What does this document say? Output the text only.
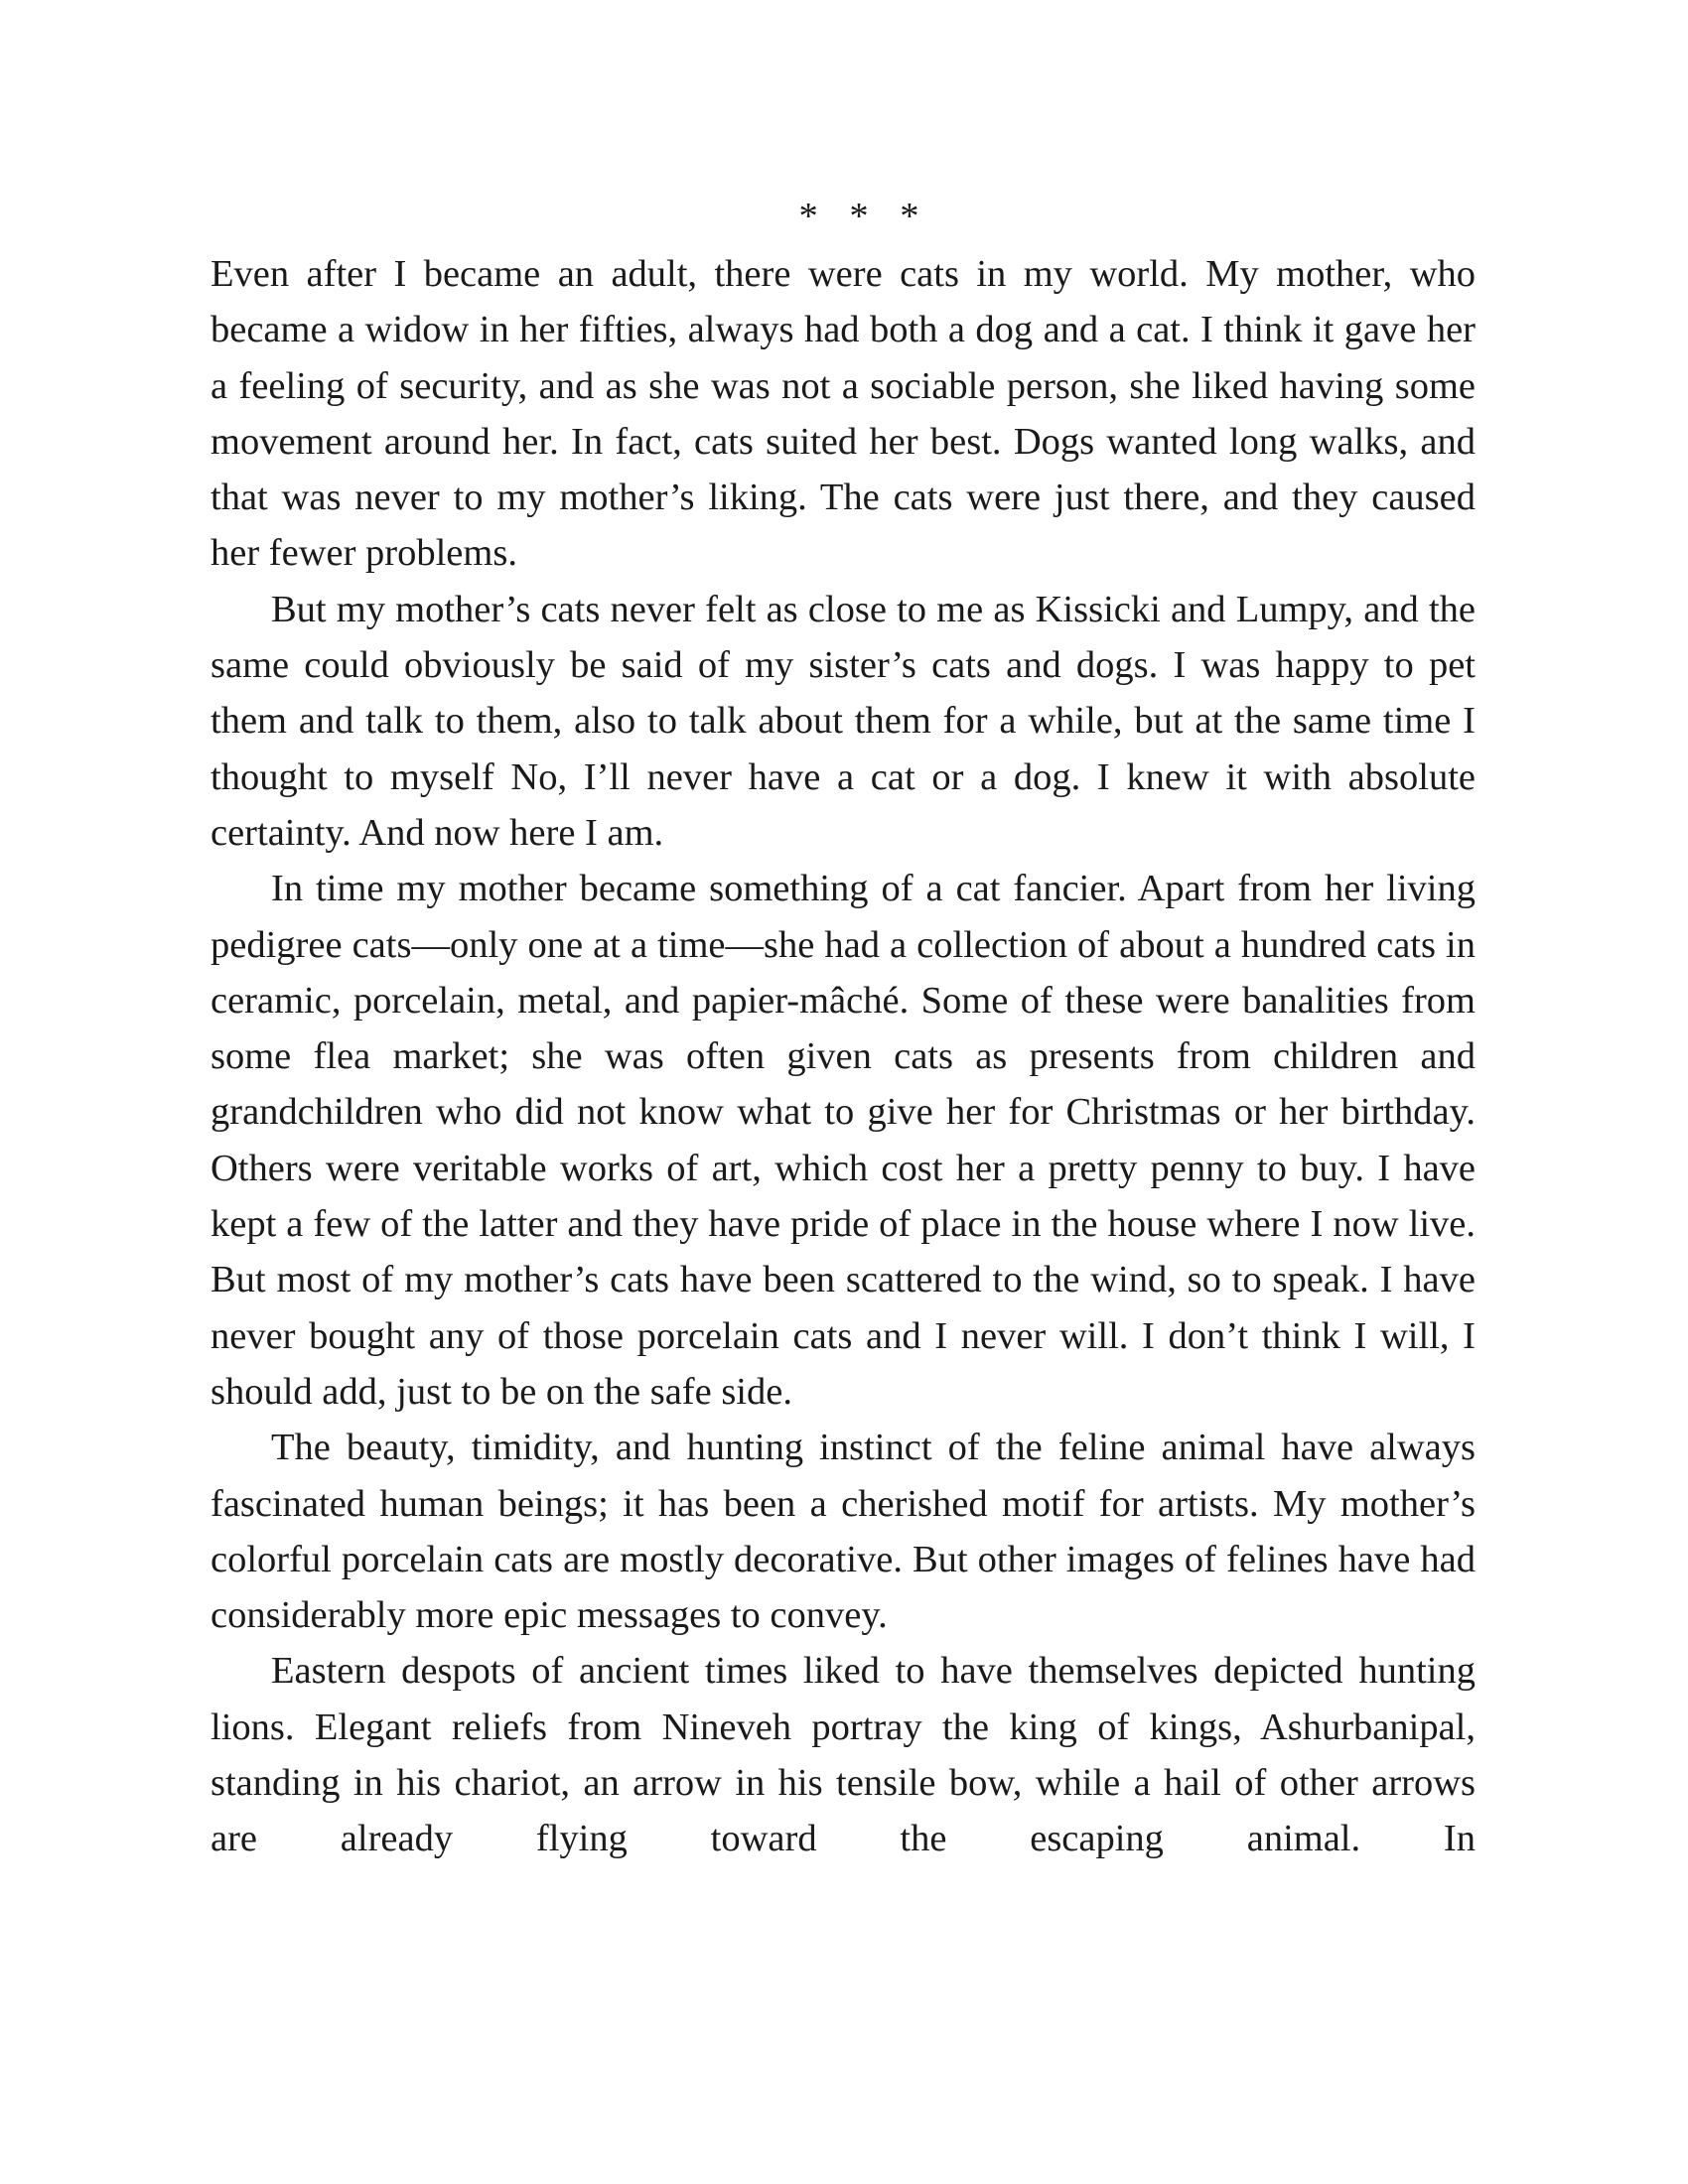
* * *

Even after I became an adult, there were cats in my world. My mother, who became a widow in her fifties, always had both a dog and a cat. I think it gave her a feeling of security, and as she was not a sociable person, she liked having some movement around her. In fact, cats suited her best. Dogs wanted long walks, and that was never to my mother’s liking. The cats were just there, and they caused her fewer problems.

But my mother’s cats never felt as close to me as Kissicki and Lumpy, and the same could obviously be said of my sister’s cats and dogs. I was happy to pet them and talk to them, also to talk about them for a while, but at the same time I thought to myself No, I’ll never have a cat or a dog. I knew it with absolute certainty. And now here I am.

In time my mother became something of a cat fancier. Apart from her living pedigree cats—only one at a time—she had a collection of about a hundred cats in ceramic, porcelain, metal, and papier-mâché. Some of these were banalities from some flea market; she was often given cats as presents from children and grandchildren who did not know what to give her for Christmas or her birthday. Others were veritable works of art, which cost her a pretty penny to buy. I have kept a few of the latter and they have pride of place in the house where I now live. But most of my mother’s cats have been scattered to the wind, so to speak. I have never bought any of those porcelain cats and I never will. I don’t think I will, I should add, just to be on the safe side.

The beauty, timidity, and hunting instinct of the feline animal have always fascinated human beings; it has been a cherished motif for artists. My mother’s colorful porcelain cats are mostly decorative. But other images of felines have had considerably more epic messages to convey.

Eastern despots of ancient times liked to have themselves depicted hunting lions. Elegant reliefs from Nineveh portray the king of kings, Ashurbanipal, standing in his chariot, an arrow in his tensile bow, while a hail of other arrows are already flying toward the escaping animal. In
